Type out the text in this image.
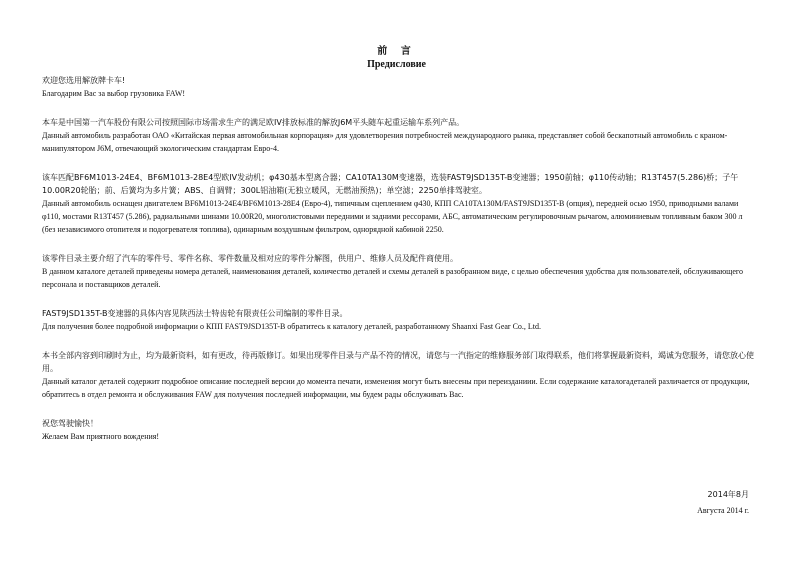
前 言
Предисловие

欢迎您选用解放牌卡车!

Благодарим Вас за выбор грузовика FAW!

本车是中国第一汽车股份有限公司按照国际市场需求生产的满足欧IV排放标准的解放J6M平头随车起重运输车系列产品。

Данный автомобиль разработан ОАО «Китайская первая автомобильная корпорация» для удовлетворения потребностей международного рынка, представляет собой бескапотный автомобиль с краном-манипулятором J6M, отвечающий экологическим стандартам Евро-4.

该车匹配BF6M1013-24E4、BF6M1013-28E4型欧IV发动机；φ430基本型离合器；CA10TA130M变速器，选装FAST9JSD135T-B变速器；1950前轴；φ110传动轴；R13T457(5.286)桥；子午10.00R20轮胎；前、后簧均为多片簧；ABS、自调臂；300L铝油箱(无独立暖风，无燃油预热)；单空滤；2250单排驾驶室。

Данный автомобиль оснащен двигателем BF6M1013-24E4/BF6M1013-28E4 (Евро-4), типичным сцеплением φ430, КПП CA10TA130M/FAST9JSD135T-B (опция), передней осью 1950, приводными валами φ110, мостами R13T457 (5.286), радиальными шинами 10.00R20, многолистовыми передними и задними рессорами, АБС, автоматическим регулировочным рычагом, алюминиевым топливным баком 300 л (без независимого отопителя и подогревателя топлива), одинарным воздушным фильтром, однорядной кабиной 2250.

该零件目录主要介绍了汽车的零件号、零件名称、零件数量及相对应的零件分解图，供用户、维修人员及配件商使用。

В данном каталоге деталей приведены номера деталей, наименования деталей, количество деталей и схемы деталей в разобранном виде, с целью обеспечения удобства для пользователей, обслуживающего персонала и поставщиков деталей.

FAST9JSD135T-B变速器的具体内容见陕西法士特齿轮有限责任公司编制的零件目录。

Для получения более подробной информации о КПП FAST9JSD135T-B обратитесь к каталогу деталей, разработанному Shaanxi Fast Gear Co., Ltd.

本书全部内容到印刷时为止，均为最新资料，如有更改，待再版修订。如果出现零件目录与产品不符的情况，请您与一汽指定的维修服务部门取得联系，他们将掌握最新资料，竭诚为您服务，请您放心使用。

Данный каталог деталей содержит подробное описание последней версии до момента печати, изменения могут быть внесены при переизданиии. Если содержание каталогадеталей различается от продукции, обратитесь в отдел ремонта и обслуживания FAW для получения последней информации, мы будем рады обслуживать Вас.

祝您驾驶愉快！

Желаем Вам приятного вождения!

2014年8月
Августа 2014 г.
